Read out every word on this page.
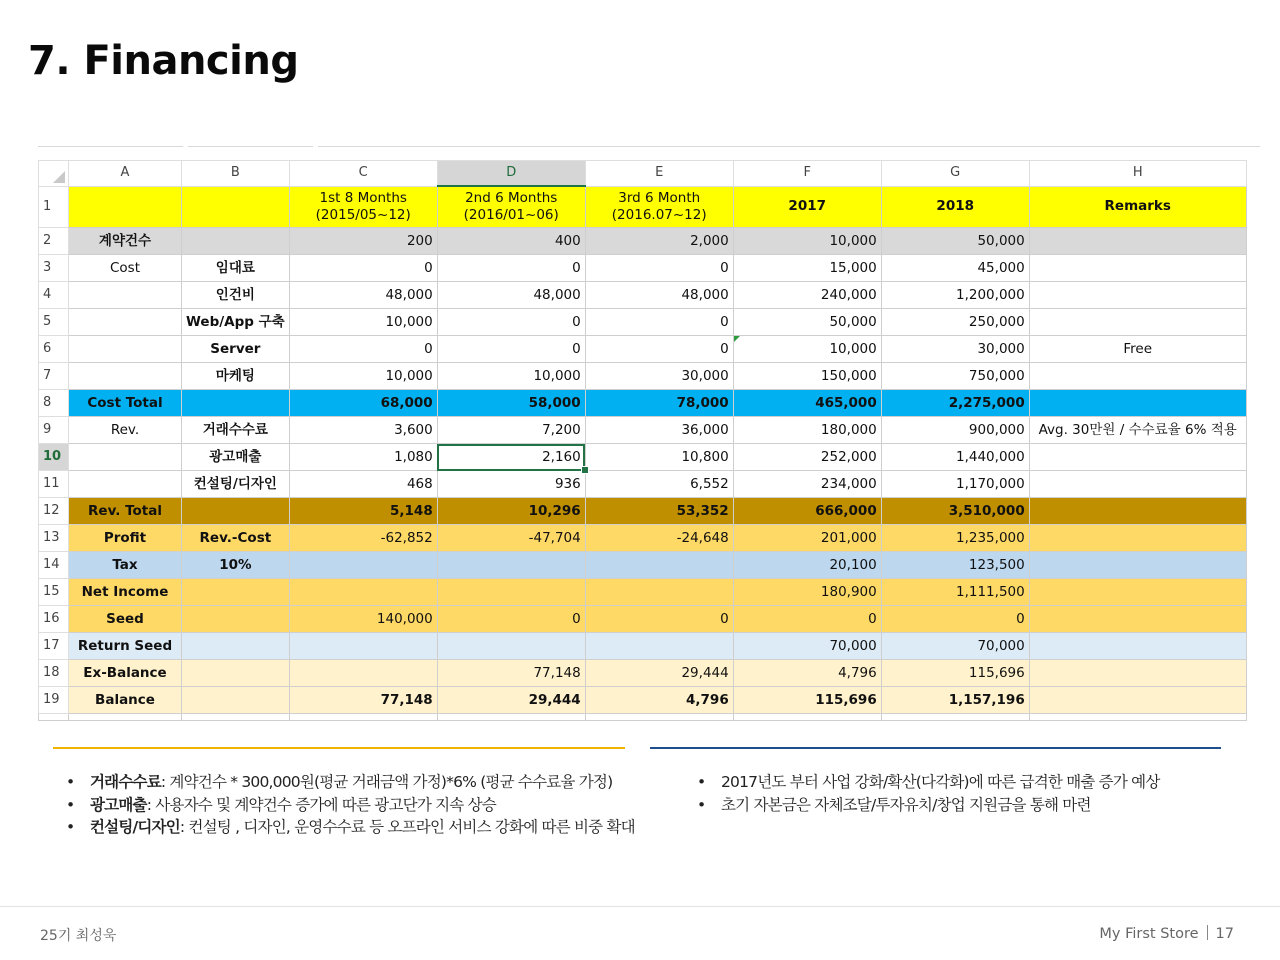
7. Financing
	A	B	C	D	E	F	G	H
1			1st 8 Months
(2015/05~12)	2nd 6 Months
(2016/01~06)	3rd 6 Month
(2016.07~12)	2017	2018	Remarks
2	계약건수		200	400	2,000	10,000	50,000	
3	Cost	임대료	0	0	0	15,000	45,000	
4		인건비	48,000	48,000	48,000	240,000	1,200,000	
5		Web/App 구축	10,000	0	0	50,000	250,000	
6		Server	0	0	0	10,000	30,000	Free
7		마케팅	10,000	10,000	30,000	150,000	750,000	
8	Cost Total		68,000	58,000	78,000	465,000	2,275,000	
9	Rev.	거래수수료	3,600	7,200	36,000	180,000	900,000	Avg. 30만원 / 수수료율 6% 적용
10		광고매출	1,080	2,160	10,800	252,000	1,440,000	
11		컨설팅/디자인	468	936	6,552	234,000	1,170,000	
12	Rev. Total		5,148	10,296	53,352	666,000	3,510,000	
13	Profit	Rev.-Cost	-62,852	-47,704	-24,648	201,000	1,235,000	
14	Tax	10%				20,100	123,500	
15	Net Income					180,900	1,111,500	
16	Seed		140,000	0	0	0	0	
17	Return Seed					70,000	70,000	
18	Ex-Balance			77,148	29,444	4,796	115,696	
19	Balance		77,148	29,444	4,796	115,696	1,157,196	

• 거래수수료: 계약건수 * 300,000원(평균 거래금액 가정)*6% (평균 수수료율 가정)
• 광고매출: 사용자수 및 계약건수 증가에 따른 광고단가 지속 상승
• 컨설팅/디자인: 컨설팅 , 디자인, 운영수수료 등 오프라인 서비스 강화에 따른 비중 확대
• 2017년도 부터 사업 강화/확산(다각화)에 따른 급격한 매출 증가 예상
• 초기 자본금은 자체조달/투자유치/창업 지원금을 통해 마련
25기 최성욱	My First Store 17
